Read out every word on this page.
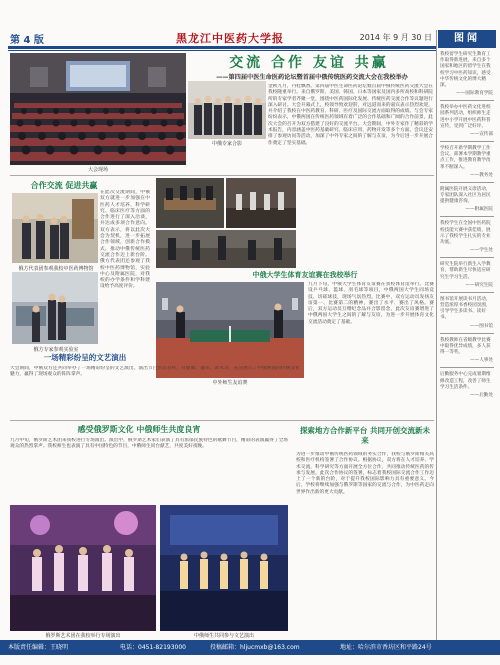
第 4 版	黑龙江中医药大学报	2014 年 9 月 30 日	图闻
我校留学生研究生教育工作取得新进展，来自多个国家和地区的留学生在我校学习中医药知识，感受中华传统文化的博大精深。
——国际教育学院
我校举办中医药文化进校园系列活动，组织师生走进中小学开展中医药科普宣传，受到广泛好评。
——宣传部
学校召开新学期教学工作会议，部署本学期教学重点工作，推进教育教学改革不断深入。
——教务处
附属医院开展义诊活动，专家团队深入社区为居民提供健康咨询。
——附属医院
我校学生在全国中医药院校技能大赛中获佳绩，展示了我校学生扎实的专业功底。
——学生处
研究生院举行新生入学教育，帮助新生尽快适应研究生学习生活。
——研究生院
图书馆开展读书月活动，营造浓厚书香校园氛围，引导学生多读书、读好书。
——图书馆
我校教师在省级教学比赛中取得优异成绩，多人获得一等奖。
——人事处
后勤服务中心完成暑期维修改造工程，改善了师生学习生活条件。
——后勤处
大会现场
中俄专家合影
交流 合作 友谊 共赢
——第四届中医生命医药论坛暨首届中俄传统医药交流大会在我校举办
金秋九月，丹桂飘香。第四届中医生命医药论坛暨首届中俄传统医药交流大会在我校隆重举行。来自俄罗斯、美国、韩国、日本等国家及国内多所高校和科研院所的专家学者齐聚一堂，围绕中医药国际化发展、传统医药交流合作等议题进行深入研讨。大会开幕式上，校领导致欢迎辞，对远道而来的嘉宾表示热烈欢迎，并介绍了我校在中医药教育、科研、医疗及国际交流方面取得的成绩。与会专家纷纷表示，中俄两国在传统医药领域有着广泛的合作基础和广阔的合作前景，此次大会的召开为双方搭建了良好的交流平台。大会期间，中外专家作了精彩的学术报告，内容涵盖中医药基础研究、临床应用、药物开发等多个方面。会议还安排了参观访问等活动，加深了中外专家之间的了解与友谊，为今后进一步开展合作奠定了坚实基础。
合作交流 促进共赢
在此次交流期间，中俄双方就进一步加强在中医药人才培养、科学研究、临床医疗等方面的合作进行了深入洽谈，并达成多项合作意向。双方表示，将以此次大会为契机，进一步拓展合作领域，创新合作模式，推动中俄传统医药交流合作迈上新台阶。俄方代表团还参观了我校中医药博物馆、实验中心及附属医院，对我校的办学条件和学科建设给予高度评价。
俄方代表团参观我校中医药博物馆
俄方专家参观实验室
中俄大学生体育友谊赛在我校举行
中外师生友谊赛
九月下旬，中俄大学生体育友谊赛在我校体育馆举行。比赛设乒乓球、篮球、羽毛球等项目，中俄两国大学生同场竞技、切磋球技，现场气氛热烈。比赛中，双方运动员发扬友谊第一、比赛第二的精神，赛出了水平、赛出了风格。赛后，双方运动员互赠纪念品并合影留念。此次友谊赛增进了中俄两国大学生之间的了解与友谊，为进一步开展体育文化交流活动奠定了基础。
一场精彩纷呈的文艺演出
大会期间，中俄双方还共同举办了一场精彩纷呈的文艺演出。演出节目形式多样，有歌舞、器乐、武术等，充分展示了中俄两国的传统文化魅力，赢得了现场观众的阵阵掌声。
感受俄罗斯文化 中俄师生共度良宵
九月中旬，俄罗斯艺术团来我校进行专场演出。演出中，俄罗斯艺术家们表演了具有浓郁民族特色的歌舞节目，精彩的表演赢得了全场观众的热烈掌声。我校师生也表演了具有中国特色的节目，中俄师生同台献艺，共度美好夜晚。
俄罗斯艺术团在我校举行专场演出	中俄师生共同参与文艺演出
探索地方合作新平台 共同开创交流新未来
为进一步推动中俄传统医药领域的务实合作，我校与俄罗斯相关高校和医疗机构签署了合作协议。根据协议，双方将在人才培养、学术交流、科学研究等方面开展全方位合作，共同推动传统医药的传承与发展。此次合作协议的签署，标志着我校国际交流合作工作迈上了一个新的台阶，对于提升我校国际影响力具有重要意义。今后，学校将继续加强与俄罗斯等国家的交流与合作，为中医药走向世界作出新的更大贡献。
本版责任编辑：王晓明	电话：0451-82193000	投稿邮箱：hljucmxb@163.com	地址：哈尔滨市香坊区和平路24号
